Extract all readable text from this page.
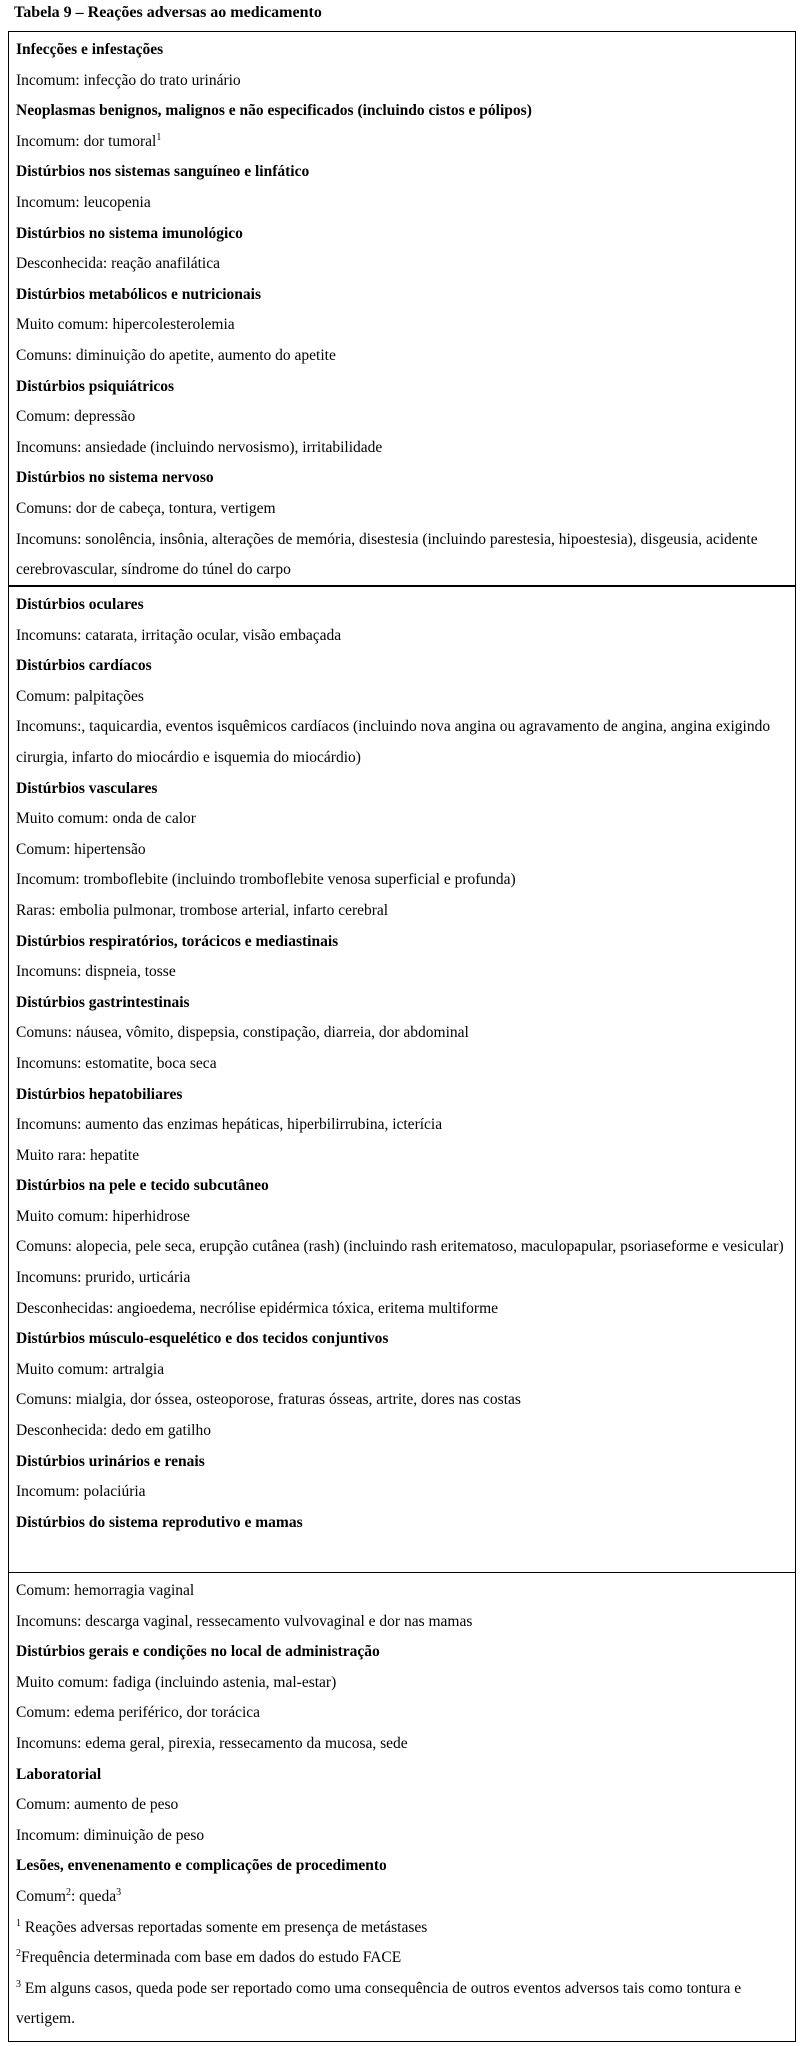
Tabela 9 – Reações adversas ao medicamento
Infecções e infestações
Incomum: infecção do trato urinário
Neoplasmas benignos, malignos e não especificados (incluindo cistos e pólipos)
Incomum: dor tumoral$^1$
Distúrbios nos sistemas sanguíneo e linfático
Incomum: leucopenia
Distúrbios no sistema imunológico
Desconhecida: reação anafilática
Distúrbios metabólicos e nutricionais
Muito comum: hipercolesterolemia
Comuns: diminuição do apetite, aumento do apetite
Distúrbios psiquiátricos
Comum: depressão
Incomuns: ansiedade (incluindo nervosismo), irritabilidade
Distúrbios no sistema nervoso
Comuns: dor de cabeça, tontura, vertigem
Incomuns: sonolência, insônia, alterações de memória, disestesia (incluindo parestesia, hipoestesia), disgeusia, acidente cerebrovascular, síndrome do túnel do carpo
Distúrbios oculares
Incomuns: catarata, irritação ocular, visão embaçada
Distúrbios cardíacos
Comum: palpitações
Incomuns:, taquicardia, eventos isquêmicos cardíacos (incluindo nova angina ou agravamento de angina, angina exigindo cirurgia, infarto do miocárdio e isquemia do miocárdio)
Distúrbios vasculares
Muito comum: onda de calor
Comum: hipertensão
Incomum: tromboflebite (incluindo tromboflebite venosa superficial e profunda)
Raras: embolia pulmonar, trombose arterial, infarto cerebral
Distúrbios respiratórios, torácicos e mediastinais
Incomuns: dispneia, tosse
Distúrbios gastrintestinais
Comuns: náusea, vômito, dispepsia, constipação, diarreia, dor abdominal
Incomuns: estomatite, boca seca
Distúrbios hepatobiliares
Incomuns: aumento das enzimas hepáticas, hiperbilirrubina, icterícia
Muito rara: hepatite
Distúrbios na pele e tecido subcutâneo
Muito comum: hiperhidrose
Comuns: alopecia, pele seca, erupção cutânea (rash) (incluindo rash eritematoso, maculopapular, psoriaseforme e vesicular)
Incomuns: prurido, urticária
Desconhecidas: angioedema, necrólise epidérmica tóxica, eritema multiforme
Distúrbios músculo-esquelético e dos tecidos conjuntivos
Muito comum: artralgia
Comuns: mialgia, dor óssea, osteoporose, fraturas ósseas, artrite, dores nas costas
Desconhecida: dedo em gatilho
Distúrbios urinários e renais
Incomum: polaciúria
Distúrbios do sistema reprodutivo e mamas
Comum: hemorragia vaginal
Incomuns: descarga vaginal, ressecamento vulvovaginal e dor nas mamas
Distúrbios gerais e condições no local de administração
Muito comum: fadiga (incluindo astenia, mal-estar)
Comum: edema periférico, dor torácica
Incomuns: edema geral, pirexia, ressecamento da mucosa, sede
Laboratorial
Comum: aumento de peso
Incomum: diminuição de peso
Lesões, envenenamento e complicações de procedimento
Comum$^2$: queda$^3$
$^1$ Reações adversas reportadas somente em presença de metástases
$^2$Frequência determinada com base em dados do estudo FACE
$^3$ Em alguns casos, queda pode ser reportado como uma consequência de outros eventos adversos tais como tontura e vertigem.
